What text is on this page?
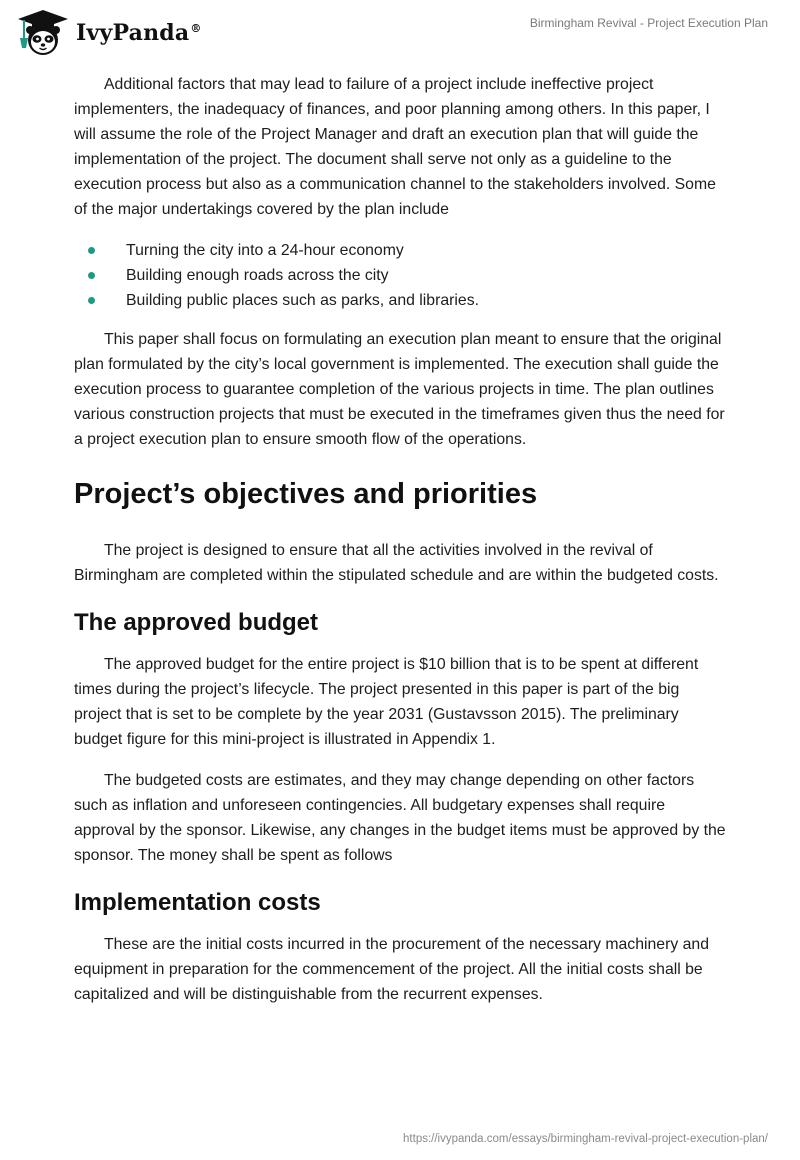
IvyPanda®	Birmingham Revival - Project Execution Plan

Additional factors that may lead to failure of a project include ineffective project implementers, the inadequacy of finances, and poor planning among others. In this paper, I will assume the role of the Project Manager and draft an execution plan that will guide the implementation of the project. The document shall serve not only as a guideline to the execution process but also as a communication channel to the stakeholders involved. Some of the major undertakings covered by the plan include

Turning the city into a 24-hour economy
Building enough roads across the city
Building public places such as parks, and libraries.

This paper shall focus on formulating an execution plan meant to ensure that the original plan formulated by the city’s local government is implemented. The execution shall guide the execution process to guarantee completion of the various projects in time. The plan outlines various construction projects that must be executed in the timeframes given thus the need for a project execution plan to ensure smooth flow of the operations.

Project’s objectives and priorities

The project is designed to ensure that all the activities involved in the revival of Birmingham are completed within the stipulated schedule and are within the budgeted costs.

The approved budget

The approved budget for the entire project is $10 billion that is to be spent at different times during the project’s lifecycle. The project presented in this paper is part of the big project that is set to be complete by the year 2031 (Gustavsson 2015). The preliminary budget figure for this mini-project is illustrated in Appendix 1.

The budgeted costs are estimates, and they may change depending on other factors such as inflation and unforeseen contingencies. All budgetary expenses shall require approval by the sponsor. Likewise, any changes in the budget items must be approved by the sponsor. The money shall be spent as follows

Implementation costs

These are the initial costs incurred in the procurement of the necessary machinery and equipment in preparation for the commencement of the project. All the initial costs shall be capitalized and will be distinguishable from the recurrent expenses.

https://ivypanda.com/essays/birmingham-revival-project-execution-plan/
